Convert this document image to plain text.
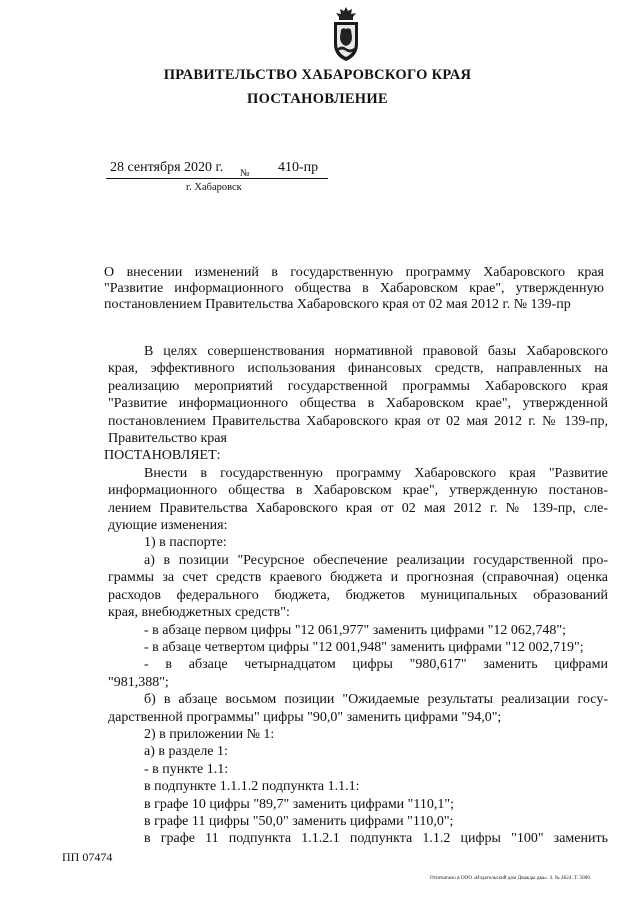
ПРАВИТЕЛЬСТВО ХАБАРОВСКОГО КРАЯ
ПОСТАНОВЛЕНИЕ
28 сентября 2020 г. № 410-пр
г. Хабаровск
О внесении изменений в государственную программу Хабаровского края
"Развитие информационного общества в Хабаровском крае", утвержденную
постановлением Правительства Хабаровского края от 02 мая 2012 г. № 139-пр
В целях совершенствования нормативной правовой базы Хабаровского
края, эффективного использования финансовых средств, направленных на
реализацию мероприятий государственной программы Хабаровского края
"Развитие информационного общества в Хабаровском крае", утвержденной
постановлением Правительства Хабаровского края от 02 мая 2012 г. № 139-пр,
Правительство края
ПОСТАНОВЛЯЕТ:
Внести в государственную программу Хабаровского края "Развитие
информационного общества в Хабаровском крае", утвержденную постанов-
лением Правительства Хабаровского края от 02 мая 2012 г. № 139-пр, сле-
дующие изменения:
1) в паспорте:
а) в позиции "Ресурсное обеспечение реализации государственной про-
граммы за счет средств краевого бюджета и прогнозная (справочная) оценка
расходов федерального бюджета, бюджетов муниципальных образований
края, внебюджетных средств":
- в абзаце первом цифры "12 061,977" заменить цифрами "12 062,748";
- в абзаце четвертом цифры "12 001,948" заменить цифрами "12 002,719";
- в абзаце четырнадцатом цифры "980,617" заменить цифрами
"981,388";
б) в абзаце восьмом позиции "Ожидаемые результаты реализации госу-
дарственной программы" цифры "90,0" заменить цифрами "94,0";
2) в приложении № 1:
а) в разделе 1:
- в пункте 1.1:
в подпункте 1.1.1.2 подпункта 1.1.1:
в графе 10 цифры "89,7" заменить цифрами "110,1";
в графе 11 цифры "50,0" заменить цифрами "110,0";
в графе 11 подпункта 1.1.2.1 подпункта 1.1.2 цифры "100" заменить
ПП 07474
Отпечатано в ООО «Издательский дом Дважды два». З. № 4624. Т. 5000.
